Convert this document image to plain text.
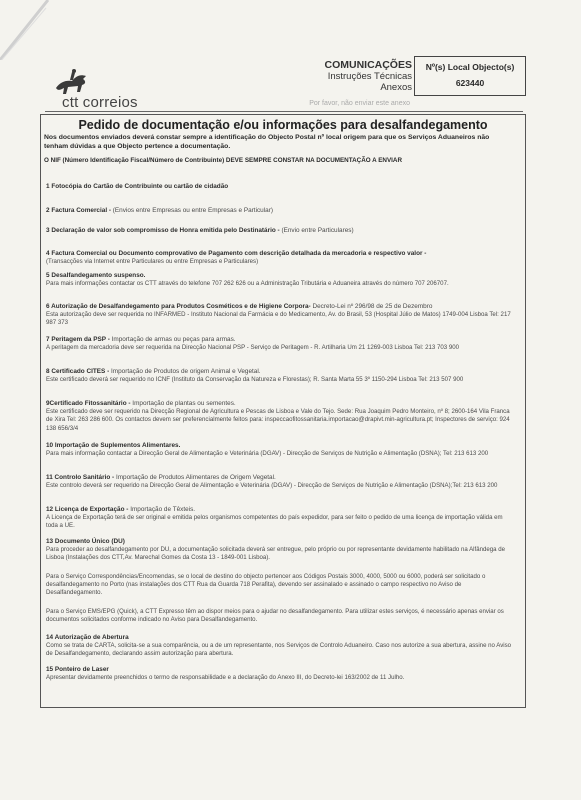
ctt correios
COMUNICAÇÕES
Instruções Técnicas
Anexos
Nº(s) Local Objecto(s)
623440
Por favor, não enviar este anexo
Pedido de documentação e/ou informações para desalfandegamento
Nos documentos enviados deverá constar sempre a identificação do Objecto Postal nº local origem para que os Serviços Aduaneiros não tenham dúvidas a que Objecto pertence a documentação.
O NIF (Número Identificação Fiscal/Número de Contribuinte) DEVE SEMPRE CONSTAR NA DOCUMENTAÇÃO A ENVIAR
1 Fotocópia do Cartão de Contribuinte ou cartão de cidadão
2 Factura Comercial - (Envios entre Empresas ou entre Empresas e Particular)
3 Declaração de valor sob compromisso de Honra emitida pelo Destinatário - (Envio entre Particulares)
4 Factura Comercial ou Documento comprovativo de Pagamento com descrição detalhada da mercadoria e respectivo valor -
(Transacções via Internet entre Particulares ou entre Empresas e Particulares)
5 Desalfandegamento suspenso.
Para mais informações contactar os CTT através do telefone 707 262 626 ou a Administração Tributária e Aduaneira através do número 707 206707.
6 Autorização de Desalfandegamento para Produtos Cosméticos e de Higiene Corpora- Decreto-Lei nº 296/98 de 25 de Dezembro
Esta autorização deve ser requerida no INFARMED - Instituto Nacional da Farmácia e do Medicamento, Av. do Brasil, 53 (Hospital Júlio de Matos) 1749-004 Lisboa Tel: 217 987 373
7 Peritagem da PSP - Importação de armas ou peças para armas.
A peritagem da mercadoria deve ser requerida na Direcção Nacional PSP - Serviço de Peritagem - R. Artilharia Um 21 1269-003 Lisboa Tel: 213 703 900
8 Certificado CITES - Importação de Produtos de origem Animal e Vegetal.
Este certificado deverá ser requerido no ICNF (Instituto da Conservação da Natureza e Florestas); R. Santa Marta 55 3º 1150-294 Lisboa Tel: 213 507 900
9Certificado Fitossanitário - Importação de plantas ou sementes.
Este certificado deve ser requerido na Direcção Regional de Agricultura e Pescas de Lisboa e Vale do Tejo. Sede: Rua Joaquim Pedro Monteiro, nº 8; 2600-164 Vila Franca de Xira Tel: 263 286 600. Os contactos devem ser preferencialmente feitos para: inspeccaofitossanitaria.importacao@drapivt.min-agricultura.pt; Inspectores de serviço: 924 138 656/3/4
10 Importação de Suplementos Alimentares.
Para mais informação contactar a Direcção Geral de Alimentação e Veterinária (DGAV) - Direcção de Serviços de Nutrição e Alimentação (DSNA); Tel: 213 613 200
11 Controlo Sanitário - Importação de Produtos Alimentares de Origem Vegetal.
Este controlo deverá ser requerido na Direcção Geral de Alimentação e Veterinária (DGAV) - Direcção de Serviços de Nutrição e Alimentação (DSNA);Tel: 213 613 200
12 Licença de Exportação - Importação de Têxteis.
A Licença de Exportação terá de ser original e emitida pelos organismos competentes do país expedidor, para ser feito o pedido de uma licença de importação válida em toda a UE.
13 Documento Único (DU)
Para proceder ao desalfandegamento por DU, a documentação solicitada deverá ser entregue, pelo próprio ou por representante devidamente habilitado na Alfândega de Lisboa (Instalações dos CTT,Av. Marechal Gomes da Costa 13 - 1849-001 Lisboa).
Para o Serviço Correspondências/Encomendas, se o local de destino do objecto pertencer aos Códigos Postais 3000, 4000, 5000 ou 6000, poderá ser solicitado o desalfandegamento no Porto (nas instalações dos CTT Rua da Guarda 718 Perafita), devendo ser assinalado e assinado o campo respectivo no Aviso de Desalfandegamento.
Para o Serviço EMS/EPG (Quick), a CTT Expresso têm ao dispor meios para o ajudar no desalfandegamento. Para utilizar estes serviços, é necessário apenas enviar os documentos solicitados conforme indicado no Aviso para Desalfandegamento.
14 Autorização de Abertura
Como se trata de CARTA, solicita-se a sua comparência, ou a de um representante, nos Serviços de Controlo Aduaneiro. Caso nos autorize a sua abertura, assine no Aviso de Desalfandegamento, declarando assim autorização para abertura.
15 Ponteiro de Laser
Apresentar devidamente preenchidos o termo de responsabilidade e a declaração do Anexo III, do Decreto-lei 163/2002 de 11 Julho.
